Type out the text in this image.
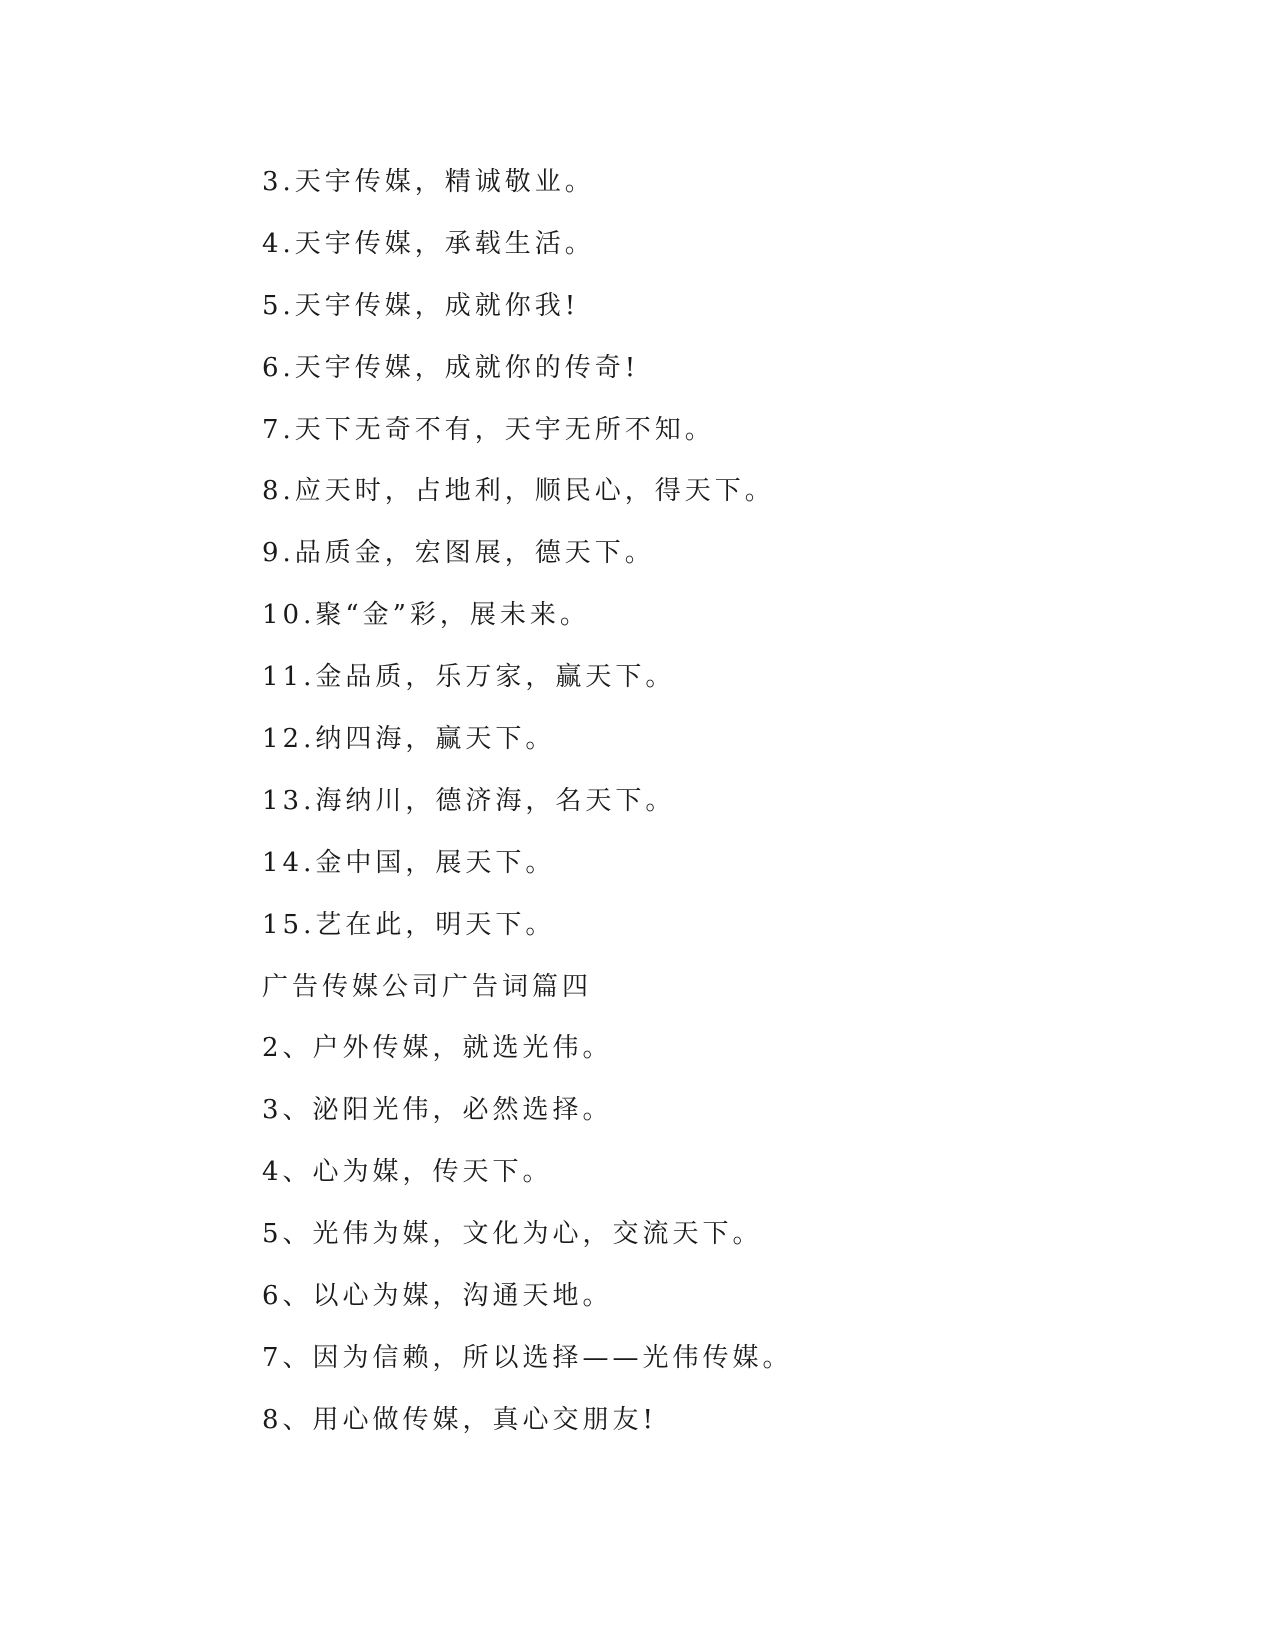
3.天宇传媒，精诚敬业。
4.天宇传媒，承载生活。
5.天宇传媒，成就你我!
6.天宇传媒，成就你的传奇!
7.天下无奇不有，天宇无所不知。
8.应天时，占地利，顺民心，得天下。
9.品质金，宏图展，德天下。
10.聚“金”彩，展未来。
11.金品质，乐万家，赢天下。
12.纳四海，赢天下。
13.海纳川，德济海，名天下。
14.金中国，展天下。
15.艺在此，明天下。
广告传媒公司广告词篇四
2、户外传媒，就选光伟。
3、泌阳光伟，必然选择。
4、心为媒，传天下。
5、光伟为媒，文化为心，交流天下。
6、以心为媒，沟通天地。
7、因为信赖，所以选择——光伟传媒。
8、用心做传媒，真心交朋友!
